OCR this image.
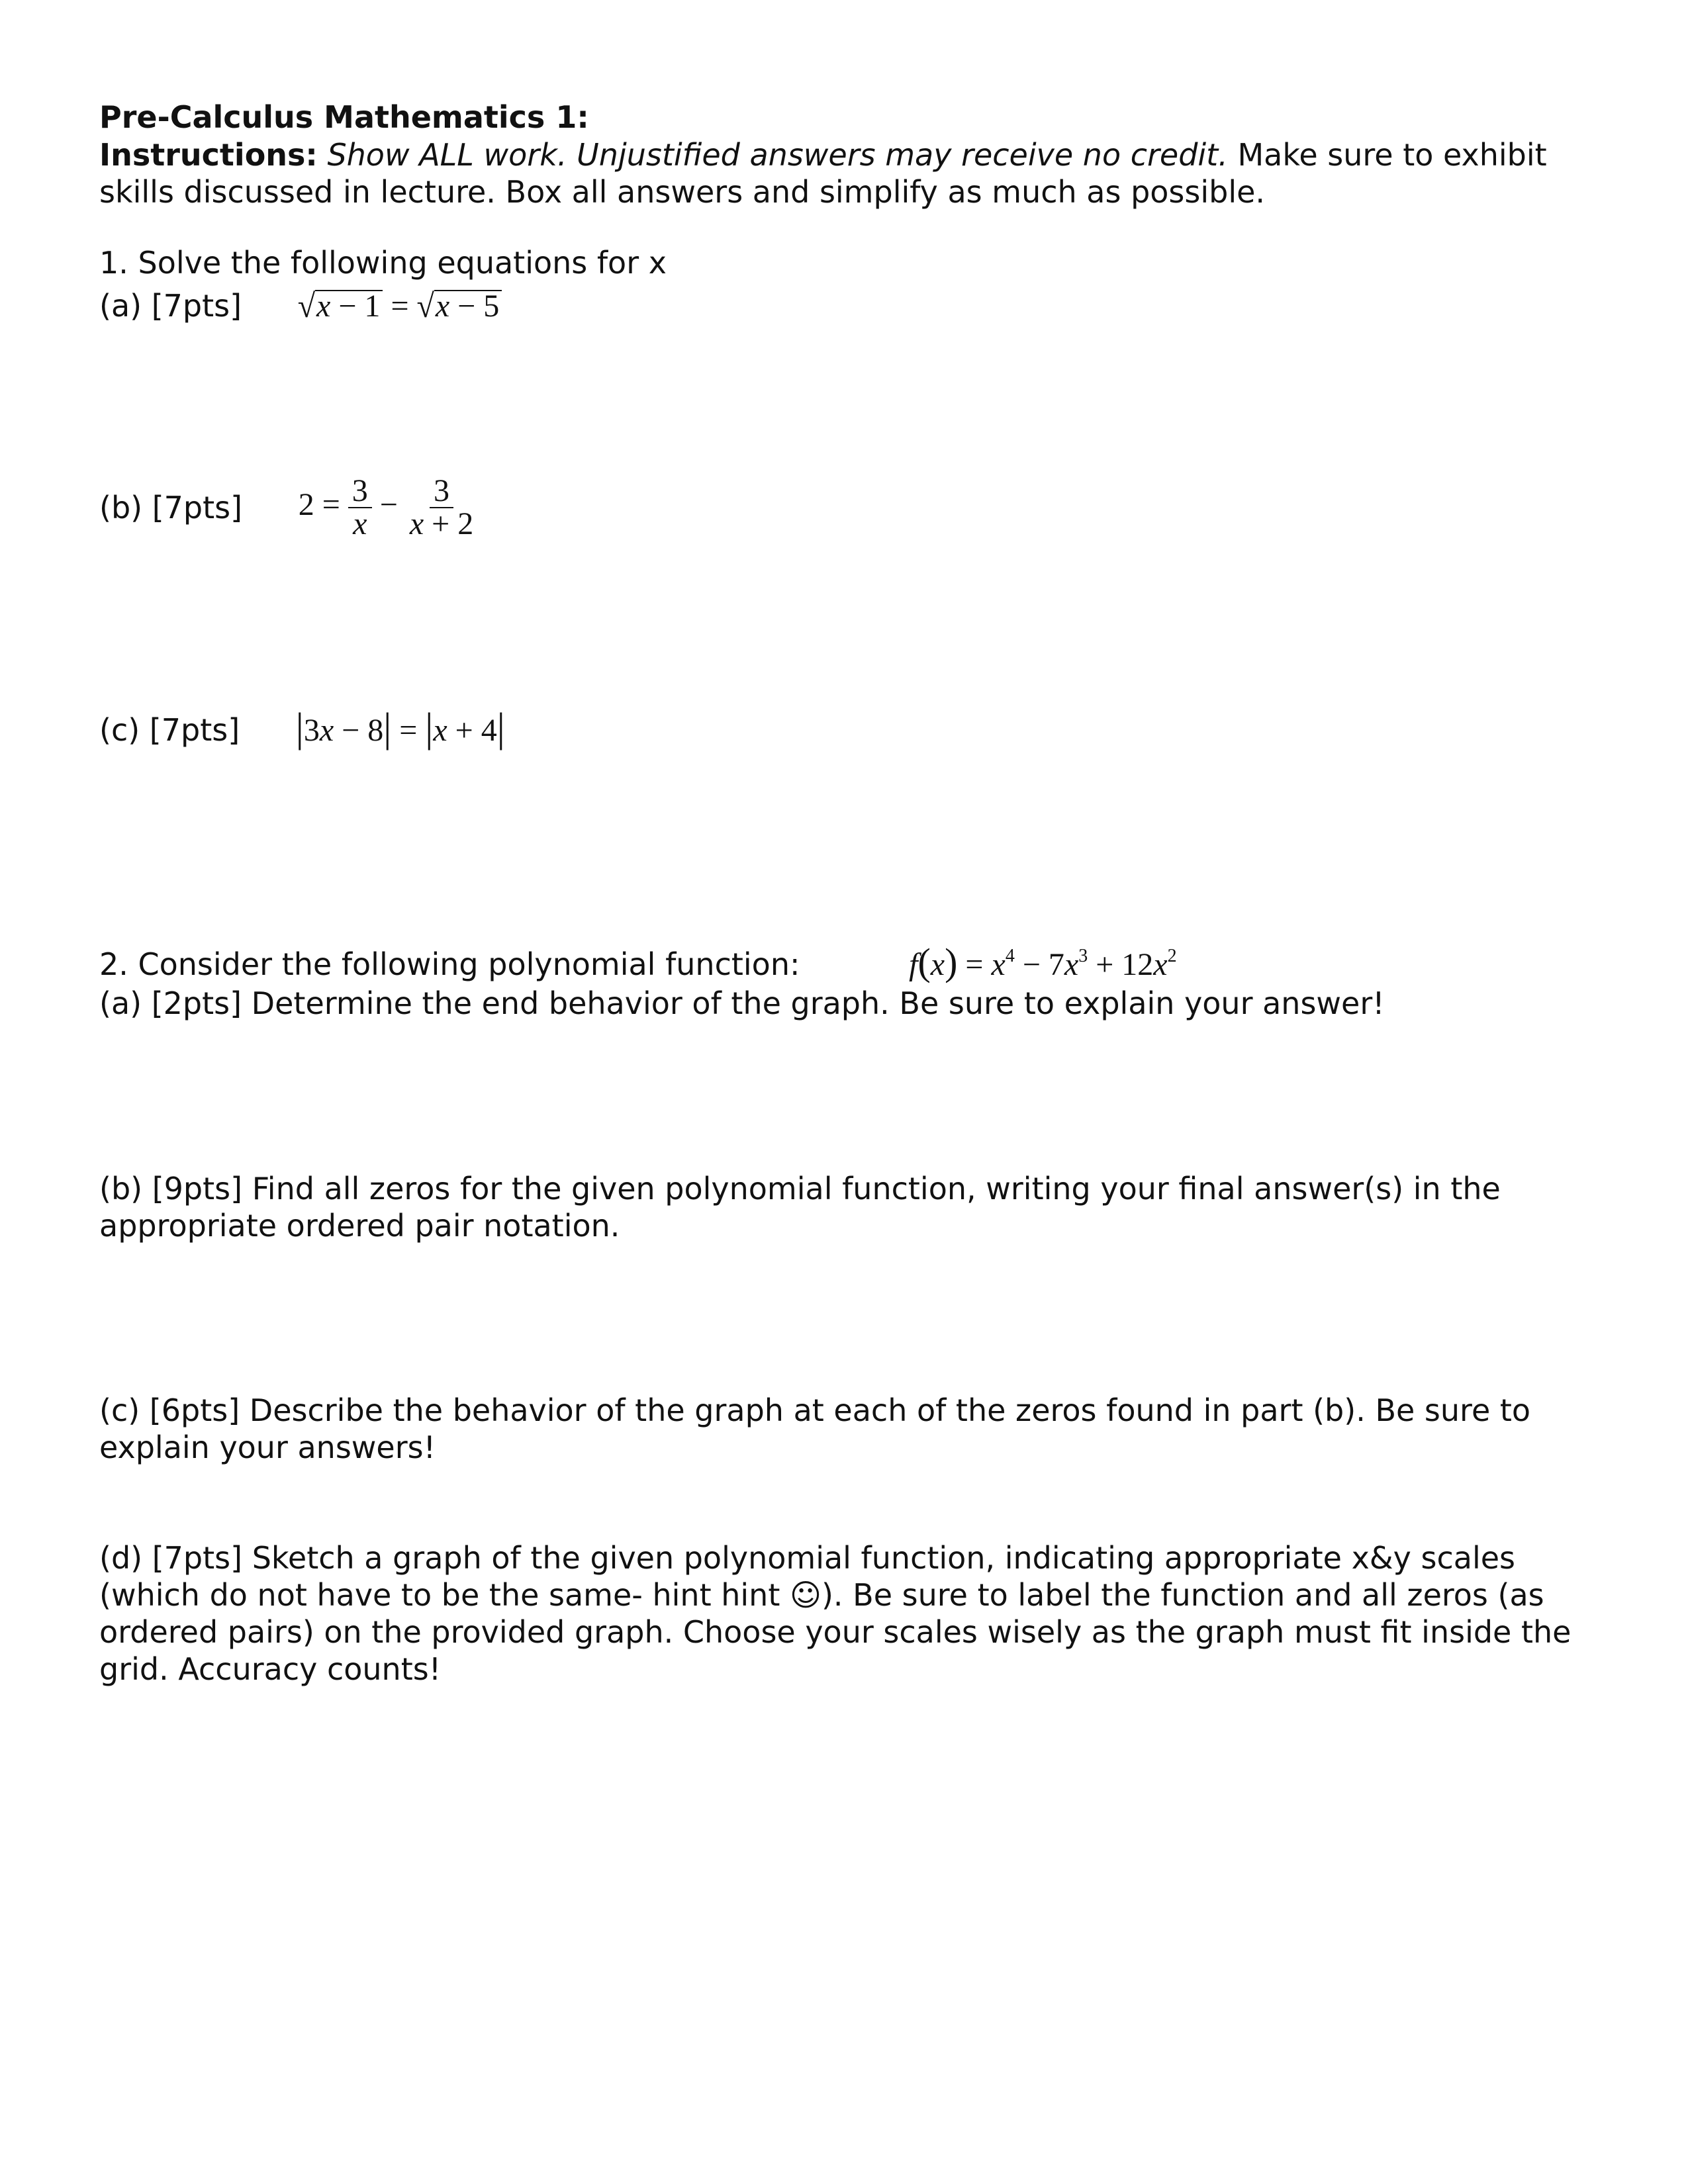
Pre-Calculus Mathematics 1:
Instructions: Show ALL work. Unjustified answers may receive no credit. Make sure to exhibit skills discussed in lecture. Box all answers and simplify as much as possible.
1. Solve the following equations for x
(a) [7pts] √x − 1 = √x − 5
(b) [7pts] $2 = \frac{3}{x} - \frac{3}{x + 2}$
(c) [7pts] |3x − 8| = |x + 4|
2. Consider the following polynomial function:	$f(x) = x^4 - 7x^3 + 12x^2$
(a) [2pts] Determine the end behavior of the graph. Be sure to explain your answer!
(b) [9pts] Find all zeros for the given polynomial function, writing your final answer(s) in the appropriate ordered pair notation.
(c) [6pts] Describe the behavior of the graph at each of the zeros found in part (b). Be sure to explain your answers!
(d) [7pts] Sketch a graph of the given polynomial function, indicating appropriate x&y scales (which do not have to be the same- hint hint ☺). Be sure to label the function and all zeros (as ordered pairs) on the provided graph. Choose your scales wisely as the graph must fit inside the grid. Accuracy counts!
